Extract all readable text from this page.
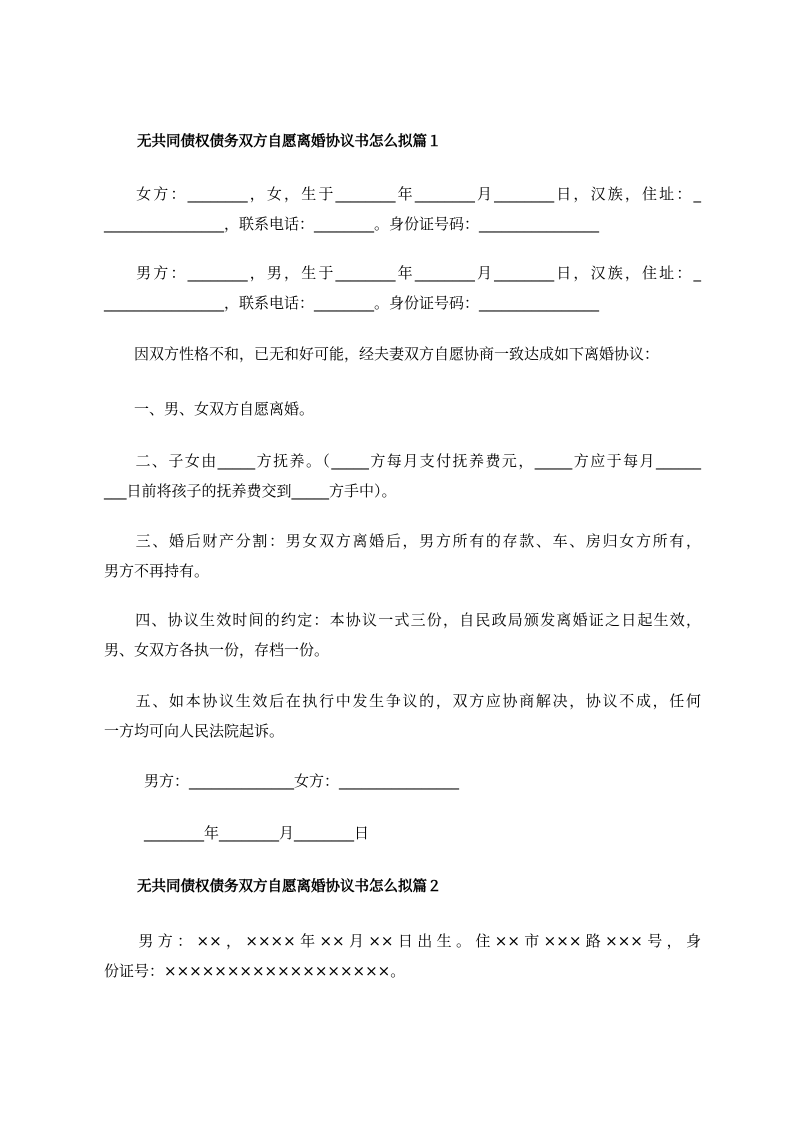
无共同债权债务双方自愿离婚协议书怎么拟篇１
女方：________，女，生于________年________月________日，汉族，住址：_
________________，联系电话：________。身份证号码：________________
男方：________，男，生于________年________月________日，汉族，住址：_
________________，联系电话：________。身份证号码：________________
因双方性格不和，已无和好可能，经夫妻双方自愿协商一致达成如下离婚协议：
一、男、女双方自愿离婚。
二、子女由_____方抚养。（_____方每月支付抚养费元，_____方应于每月______
___日前将孩子的抚养费交到_____方手中）。
三、婚后财产分割：男女双方离婚后，男方所有的存款、车、房归女方所有，
男方不再持有。
四、协议生效时间的约定：本协议一式三份，自民政局颁发离婚证之日起生效，
男、女双方各执一份，存档一份。
五、如本协议生效后在执行中发生争议的，双方应协商解决，协议不成，任何
一方均可向人民法院起诉。
男方：______________女方：________________
________年________月________日
无共同债权债务双方自愿离婚协议书怎么拟篇２
男方：××，××××年××月××日出生。住××市×××路×××号，身
份证号：××××××××××××××××××。
